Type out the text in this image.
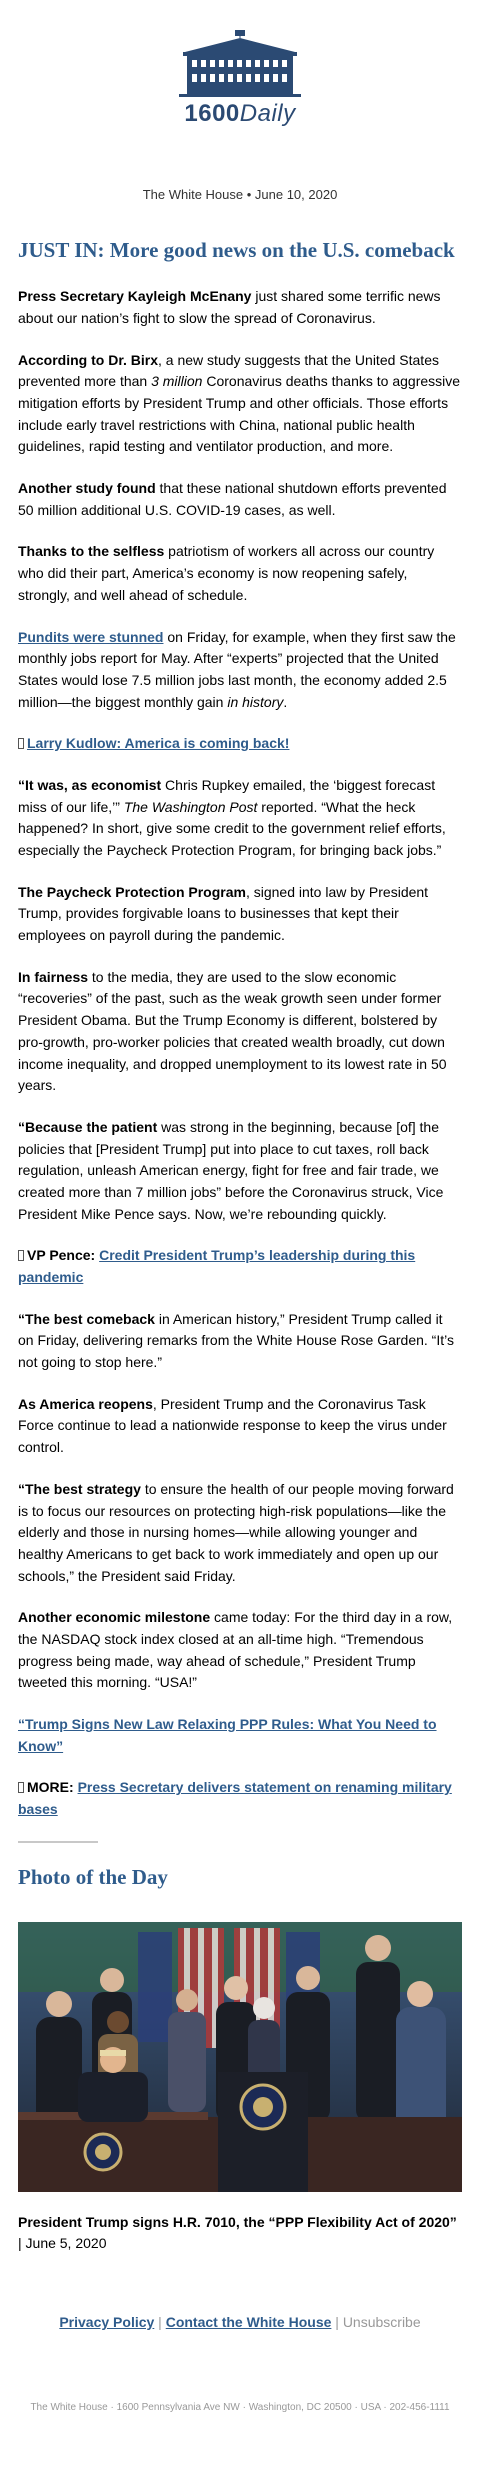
1600Daily
The White House • June 10, 2020
JUST IN: More good news on the U.S. comeback

Press Secretary Kayleigh McEnany just shared some terrific news about our nation’s fight to slow the spread of Coronavirus.

According to Dr. Birx, a new study suggests that the United States prevented more than 3 million Coronavirus deaths thanks to aggressive mitigation efforts by President Trump and other officials. Those efforts include early travel restrictions with China, national public health guidelines, rapid testing and ventilator production, and more.

Another study found that these national shutdown efforts prevented 50 million additional U.S. COVID-19 cases, as well.

Thanks to the selfless patriotism of workers all across our country who did their part, America’s economy is now reopening safely, strongly, and well ahead of schedule.

Pundits were stunned on Friday, for example, when they first saw the monthly jobs report for May. After “experts” projected that the United States would lose 7.5 million jobs last month, the economy added 2.5 million—the biggest monthly gain in history.

Larry Kudlow: America is coming back!

“It was, as economist Chris Rupkey emailed, the ‘biggest forecast miss of our life,’” The Washington Post reported. “What the heck happened? In short, give some credit to the government relief efforts, especially the Paycheck Protection Program, for bringing back jobs.”

The Paycheck Protection Program, signed into law by President Trump, provides forgivable loans to businesses that kept their employees on payroll during the pandemic.

In fairness to the media, they are used to the slow economic “recoveries” of the past, such as the weak growth seen under former President Obama. But the Trump Economy is different, bolstered by pro-growth, pro-worker policies that created wealth broadly, cut down income inequality, and dropped unemployment to its lowest rate in 50 years.

“Because the patient was strong in the beginning, because [of] the policies that [President Trump] put into place to cut taxes, roll back regulation, unleash American energy, fight for free and fair trade, we created more than 7 million jobs” before the Coronavirus struck, Vice President Mike Pence says. Now, we’re rebounding quickly.

VP Pence: Credit President Trump’s leadership during this pandemic

“The best comeback in American history,” President Trump called it on Friday, delivering remarks from the White House Rose Garden. “It’s not going to stop here.”

As America reopens, President Trump and the Coronavirus Task Force continue to lead a nationwide response to keep the virus under control.

“The best strategy to ensure the health of our people moving forward is to focus our resources on protecting high-risk populations—like the elderly and those in nursing homes—while allowing younger and healthy Americans to get back to work immediately and open up our schools,” the President said Friday.

Another economic milestone came today: For the third day in a row, the NASDAQ stock index closed at an all-time high. “Tremendous progress being made, way ahead of schedule,” President Trump tweeted this morning. “USA!”

“Trump Signs New Law Relaxing PPP Rules: What You Need to Know”

MORE: Press Secretary delivers statement on renaming military bases

Photo of the Day

President Trump signs H.R. 7010, the “PPP Flexibility Act of 2020” | June 5, 2020

Privacy Policy | Contact the White House | Unsubscribe
The White House · 1600 Pennsylvania Ave NW · Washington, DC 20500 · USA · 202-456-1111
